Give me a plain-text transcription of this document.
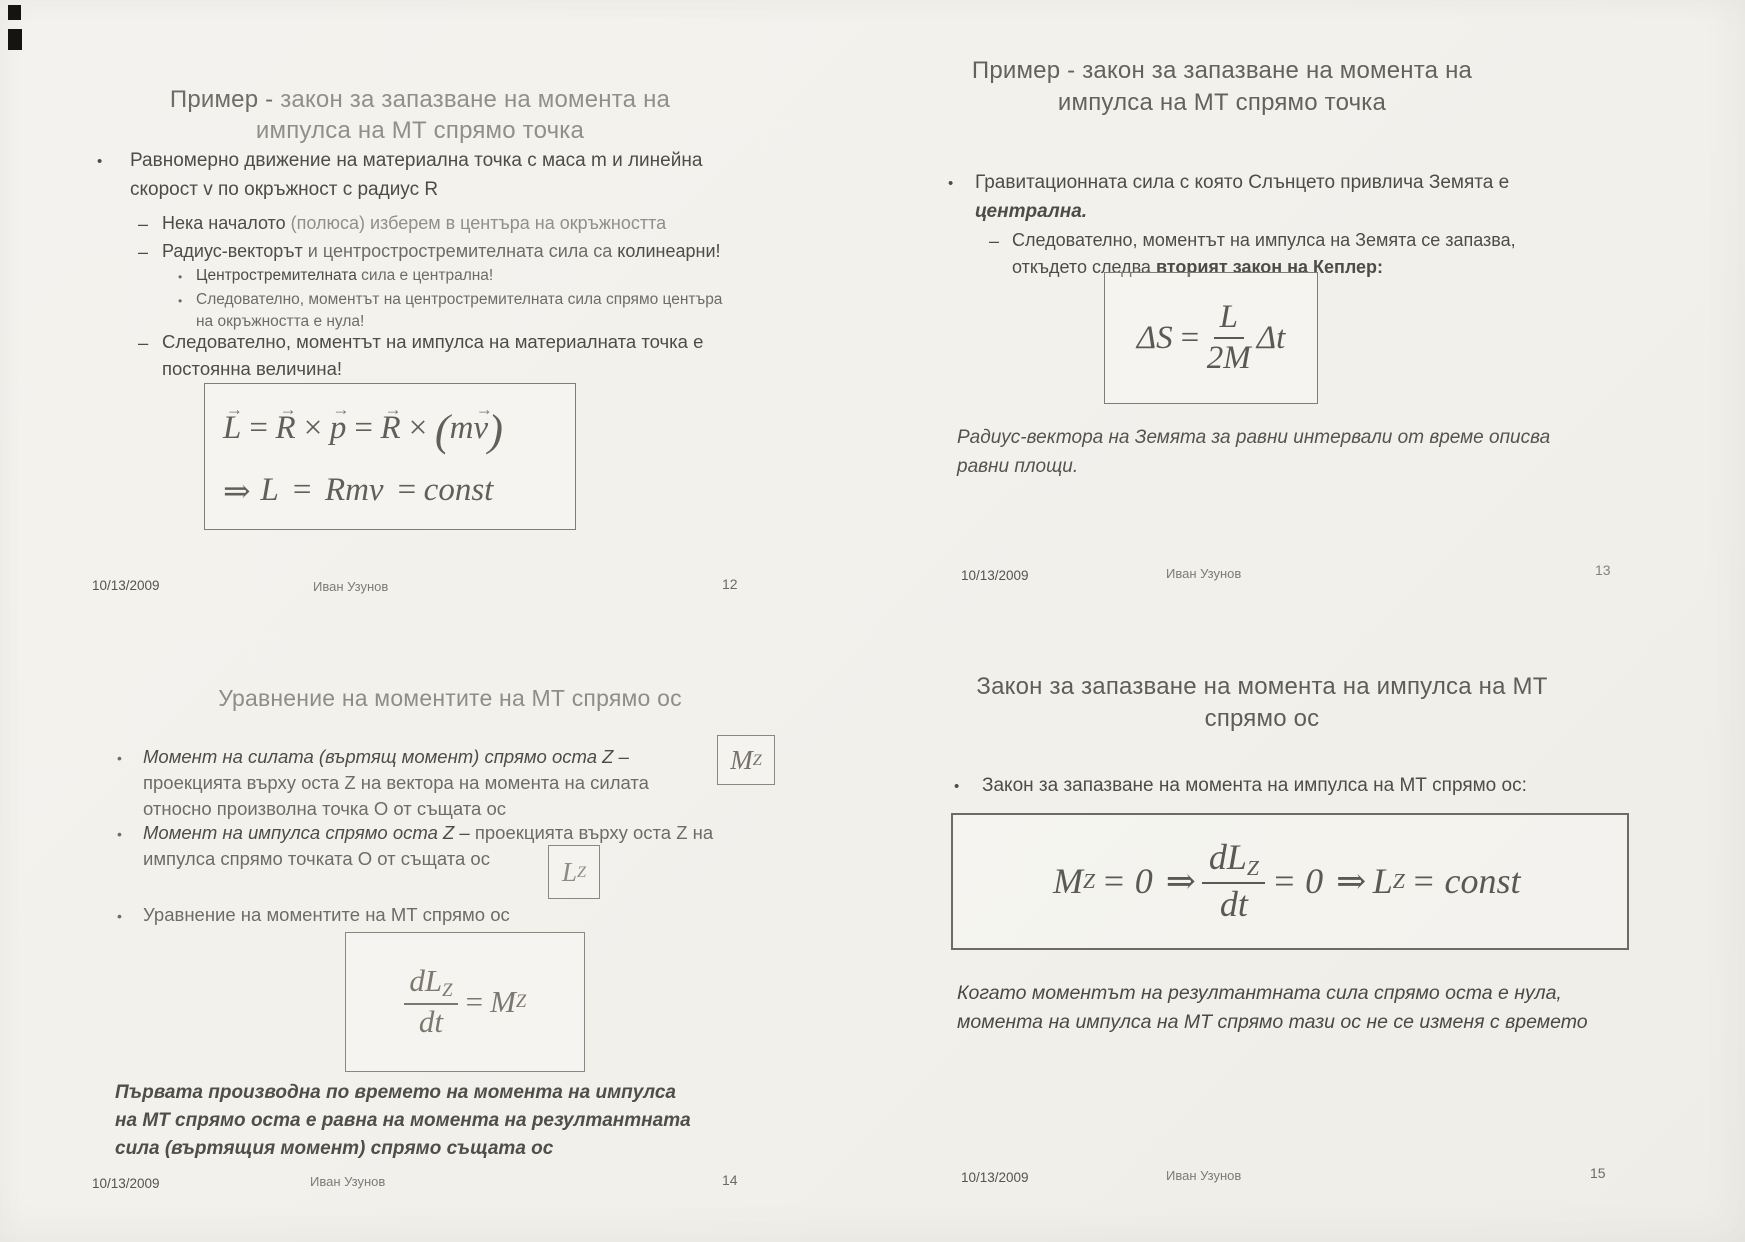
Пример - закон за запазване на момента на
импулса на МТ спрямо точка
• Равномерно движение на материална точка с маса m и линейна скорост v по окръжност с радиус R
– Нека началото (полюса) изберем в центъра на окръжността
– Радиус-векторът и центростростремителната сила са колинеарни!
• Центростремителната сила е централна!
• Следователно, моментът на центростремителната сила спрямо центъра на окръжността е нула!
– Следователно, моментът на импулса на материалната точка е постоянна величина!
L → = R → × p → = R → × ( m v → )
⇒ L = Rmv = const
10/13/2009	Иван Узунов	12
Пример - закон за запазване на момента на
импулса на МТ спрямо точка
• Гравитационната сила с която Слънцето привлича Земята е централна.
– Следователно, моментът на импулса на Земята се запазва, откъдето следва вторият закон на Кеплер:
$\Delta S = \frac{L}{2M}$ Δt
Радиус-вектора на Земята за равни интервали от време описва равни площи.
10/13/2009	Иван Узунов	13
Уравнение на моментите на МТ спрямо ос
• Момент на силата (въртящ момент) спрямо оста Z – проекцията върху оста Z на вектора на момента на силата относно произволна точка О от същата ос
M Z
• Момент на импулса спрямо оста Z – проекцията върху оста Z на импулса спрямо точката О от същата ос	L Z
• Уравнение на моментите на МТ спрямо ос
$\frac{dL_Z}{dt} = M$ Z
Първата производна по времето на момента на импулса на МТ спрямо оста е равна на момента на резултантната сила (въртящия момент) спрямо същата ос
10/13/2009	Иван Узунов	14
Закон за запазване на момента на импулса на МТ
спрямо ос
• Закон за запазване на момента на импулса на МТ спрямо ос:
M Z = 0 ⇒ $\frac{dL_Z}{dt} = 0$ ⇒ L Z = const
Когато моментът на резултантната сила спрямо оста е нула, момента на импулса на МТ спрямо тази ос не се изменя с времето
10/13/2009	Иван Узунов	15
